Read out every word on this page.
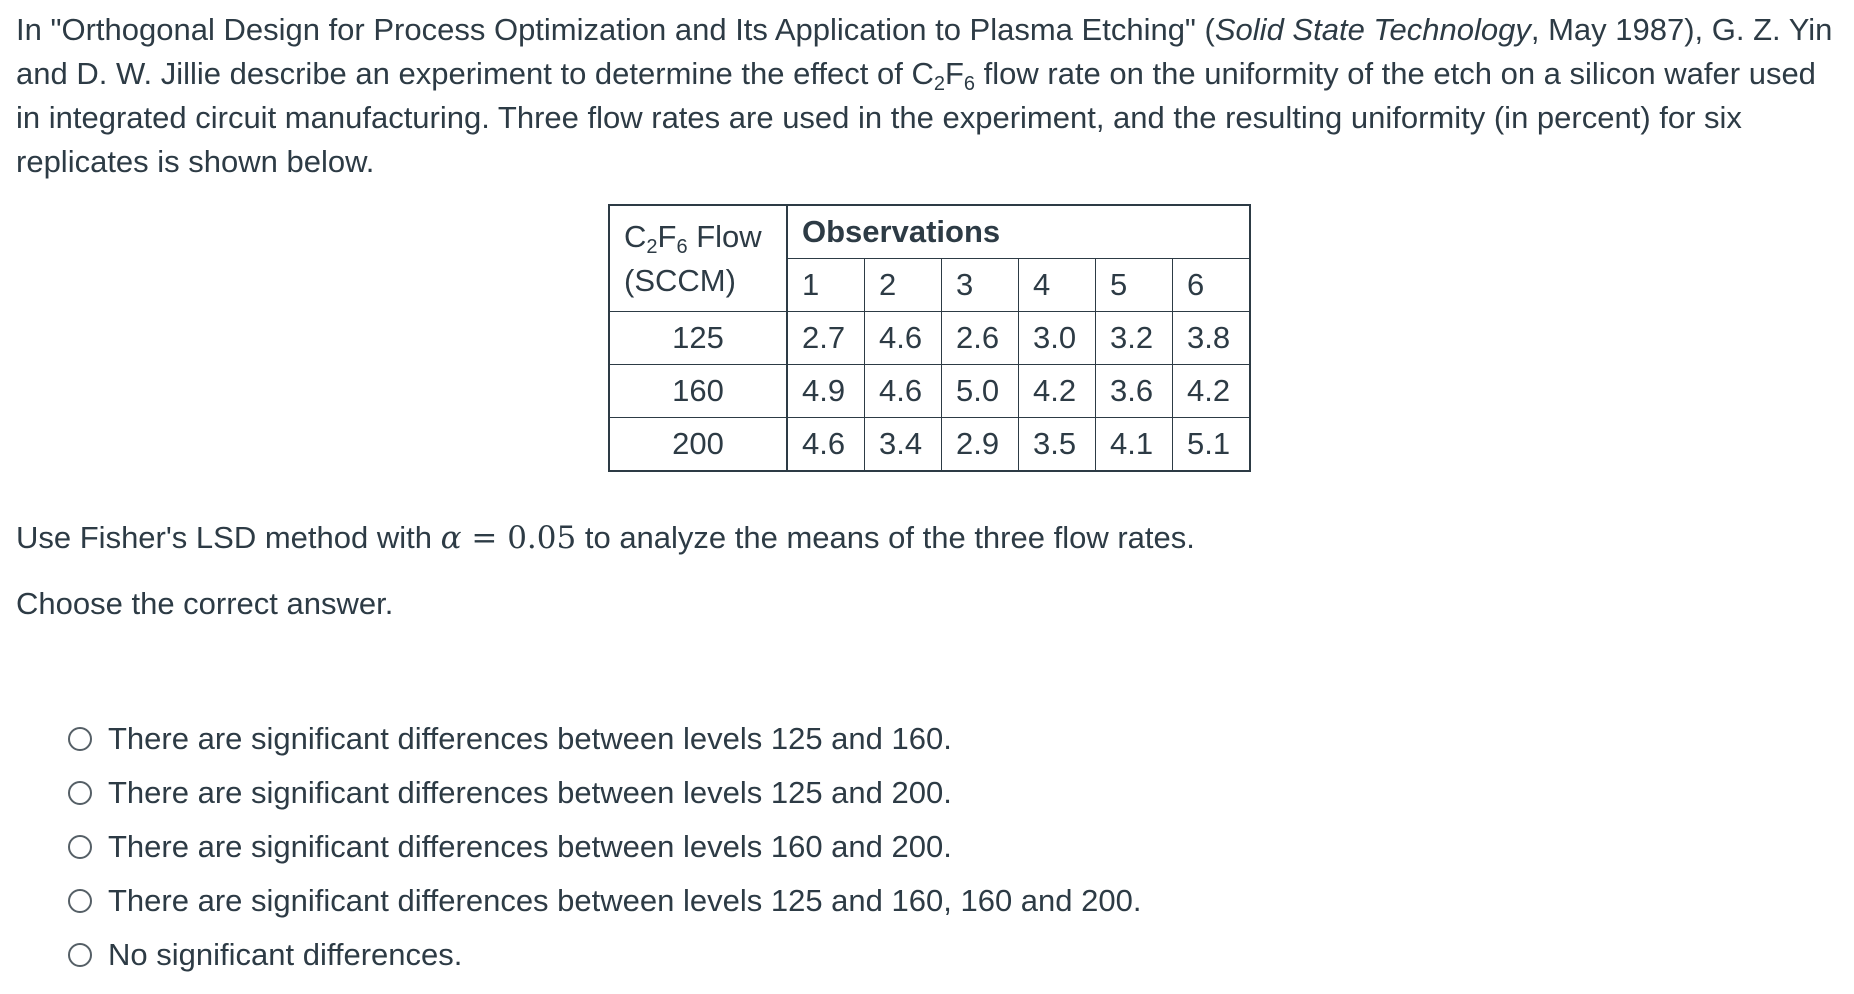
In "Orthogonal Design for Process Optimization and Its Application to Plasma Etching" (Solid State Technology, May 1987), G. Z. Yin and D. W. Jillie describe an experiment to determine the effect of $C_2F_6$ flow rate on the uniformity of the etch on a silicon wafer used in integrated circuit manufacturing. Three flow rates are used in the experiment, and the resulting uniformity (in percent) for six replicates is shown below.

$C_2F_6$ Flow
(SCCM)	Observations					
	1	2	3	4	5	6
125	2.7	4.6	2.6	3.0	3.2	3.8
160	4.9	4.6	5.0	4.2	3.6	4.2
200	4.6	3.4	2.9	3.5	4.1	5.1

Use Fisher's LSD method with α = 0.05 to analyze the means of the three flow rates.

Choose the correct answer.

There are significant differences between levels 125 and 160.
There are significant differences between levels 125 and 200.
There are significant differences between levels 160 and 200.
There are significant differences between levels 125 and 160, 160 and 200.
No significant differences.
